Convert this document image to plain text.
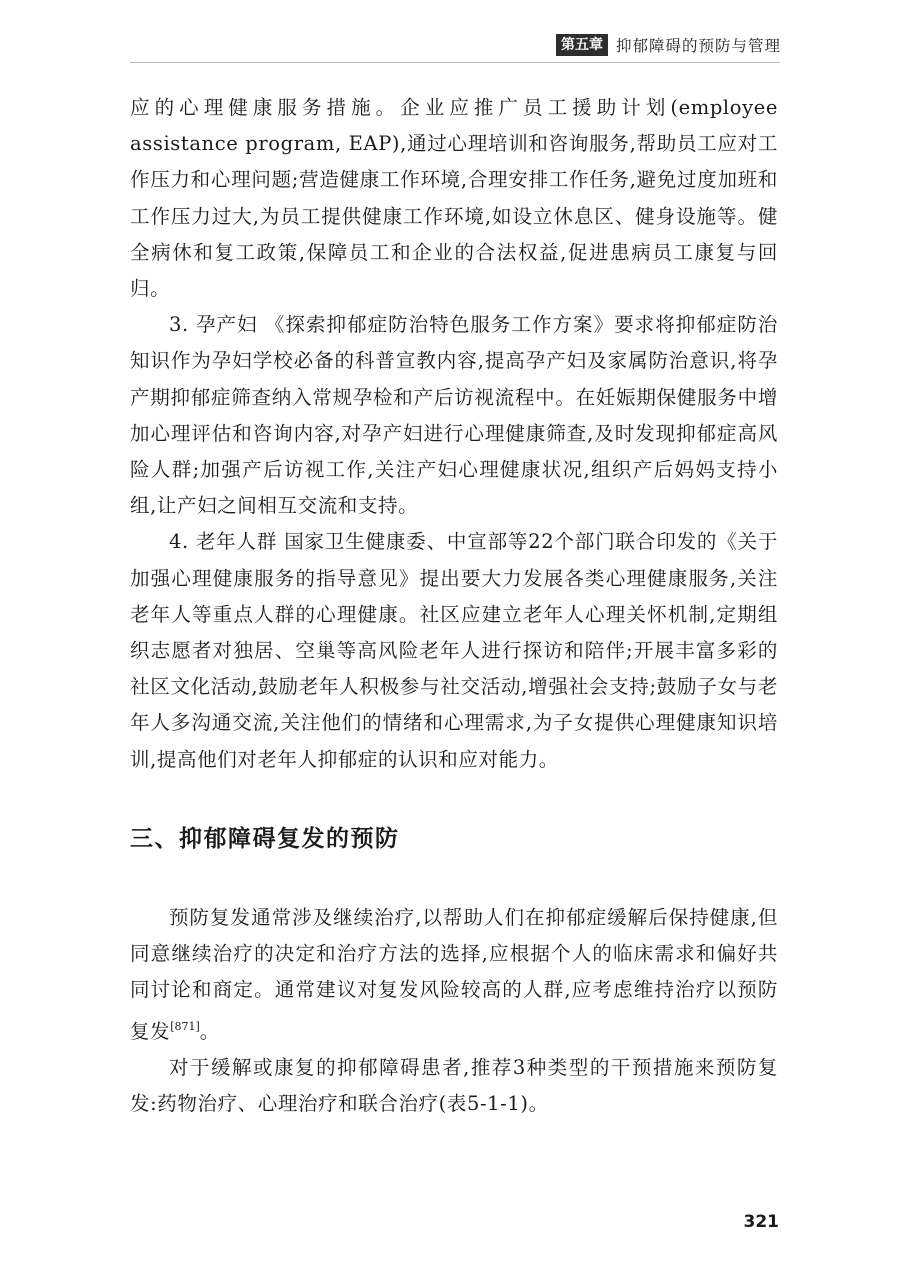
第五章 抑郁障碍的预防与管理

应的心理健康服务措施。企业应推广员工援助计划(employee assistance program, EAP),通过心理培训和咨询服务,帮助员工应对工作压力和心理问题;营造健康工作环境,合理安排工作任务,避免过度加班和工作压力过大,为员工提供健康工作环境,如设立休息区、健身设施等。健全病休和复工政策,保障员工和企业的合法权益,促进患病员工康复与回归。

3. 孕产妇 《探索抑郁症防治特色服务工作方案》要求将抑郁症防治知识作为孕妇学校必备的科普宣教内容,提高孕产妇及家属防治意识,将孕产期抑郁症筛查纳入常规孕检和产后访视流程中。在妊娠期保健服务中增加心理评估和咨询内容,对孕产妇进行心理健康筛查,及时发现抑郁症高风险人群;加强产后访视工作,关注产妇心理健康状况,组织产后妈妈支持小组,让产妇之间相互交流和支持。

4. 老年人群 国家卫生健康委、中宣部等22个部门联合印发的《关于加强心理健康服务的指导意见》提出要大力发展各类心理健康服务,关注老年人等重点人群的心理健康。社区应建立老年人心理关怀机制,定期组织志愿者对独居、空巢等高风险老年人进行探访和陪伴;开展丰富多彩的社区文化活动,鼓励老年人积极参与社交活动,增强社会支持;鼓励子女与老年人多沟通交流,关注他们的情绪和心理需求,为子女提供心理健康知识培训,提高他们对老年人抑郁症的认识和应对能力。

三、抑郁障碍复发的预防

预防复发通常涉及继续治疗,以帮助人们在抑郁症缓解后保持健康,但同意继续治疗的决定和治疗方法的选择,应根据个人的临床需求和偏好共同讨论和商定。通常建议对复发风险较高的人群,应考虑维持治疗以预防复发[871]。

对于缓解或康复的抑郁障碍患者,推荐3种类型的干预措施来预防复发:药物治疗、心理治疗和联合治疗(表5-1-1)。

321
